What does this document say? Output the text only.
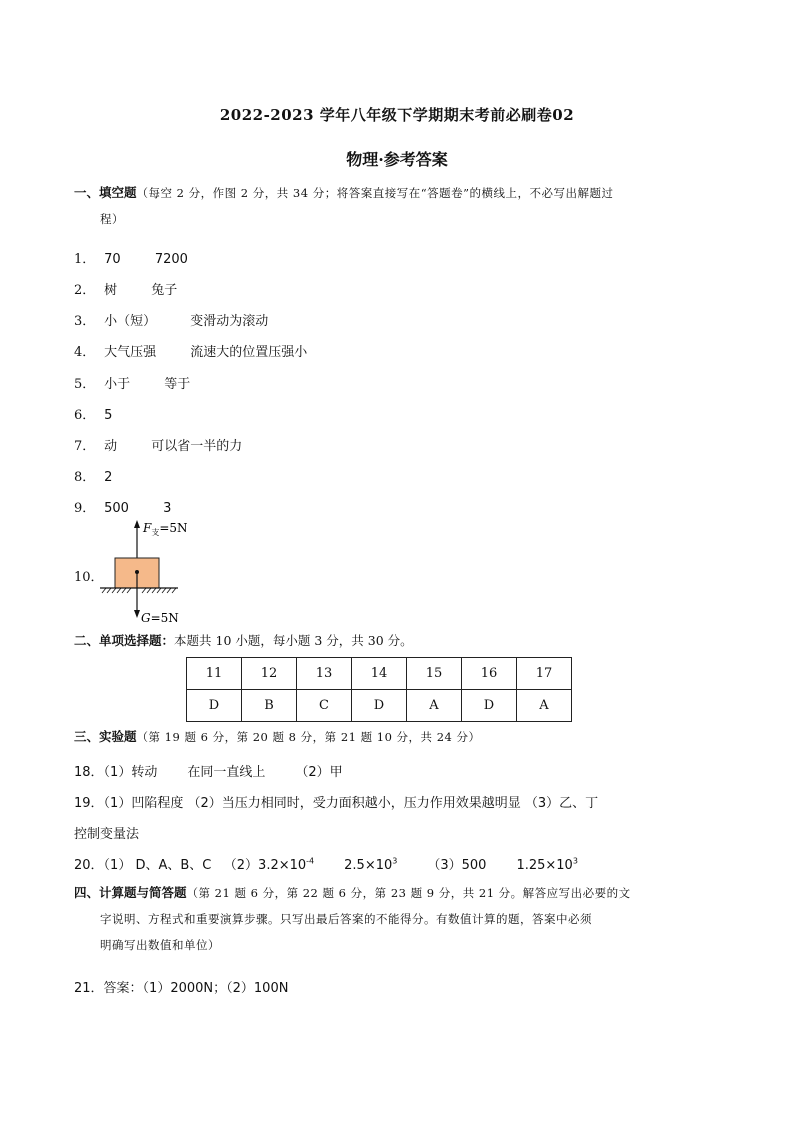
2022-2023 学年八年级下学期期末考前必刷卷02
物理·参考答案
一、填空题（每空 2 分，作图 2 分，共 34 分；将答案直接写在“答题卷”的横线上，不必写出解题过
程）
1． 70	7200
2． 树	兔子
3． 小（短）	变滑动为滚动
4． 大气压强	流速大的位置压强小
5． 小于	等于
6． 5
7． 动	可以省一半的力
8． 2
9． 500	3
10．
$F_支=5N$
G=5N
二、单项选择题：本题共 10 小题，每小题 3 分，共 30 分。
11	12	13	14	15	16	17
D	B	C	D	A	D	A
三、实验题（第 19 题 6 分，第 20 题 8 分，第 21 题 10 分，共 24 分）
18．（1）转动 在同一直线上 （2）甲
19．（1）凹陷程度 （2）当压力相同时，受力面积越小，压力作用效果越明显 （3）乙、丁
控制变量法
20．（1） D、A、B、C $(2)3.2\times 10^{-4}$ $2.5\times 10^3$ （3）500 $1.25\times 10^3$
四、计算题与简答题（第 21 题 6 分，第 22 题 6 分，第 23 题 9 分，共 21 分。解答应写出必要的文
字说明、方程式和重要演算步骤。只写出最后答案的不能得分。有数值计算的题，答案中必须
明确写出数值和单位）
21．答案：（1）2000N；（2）100N
